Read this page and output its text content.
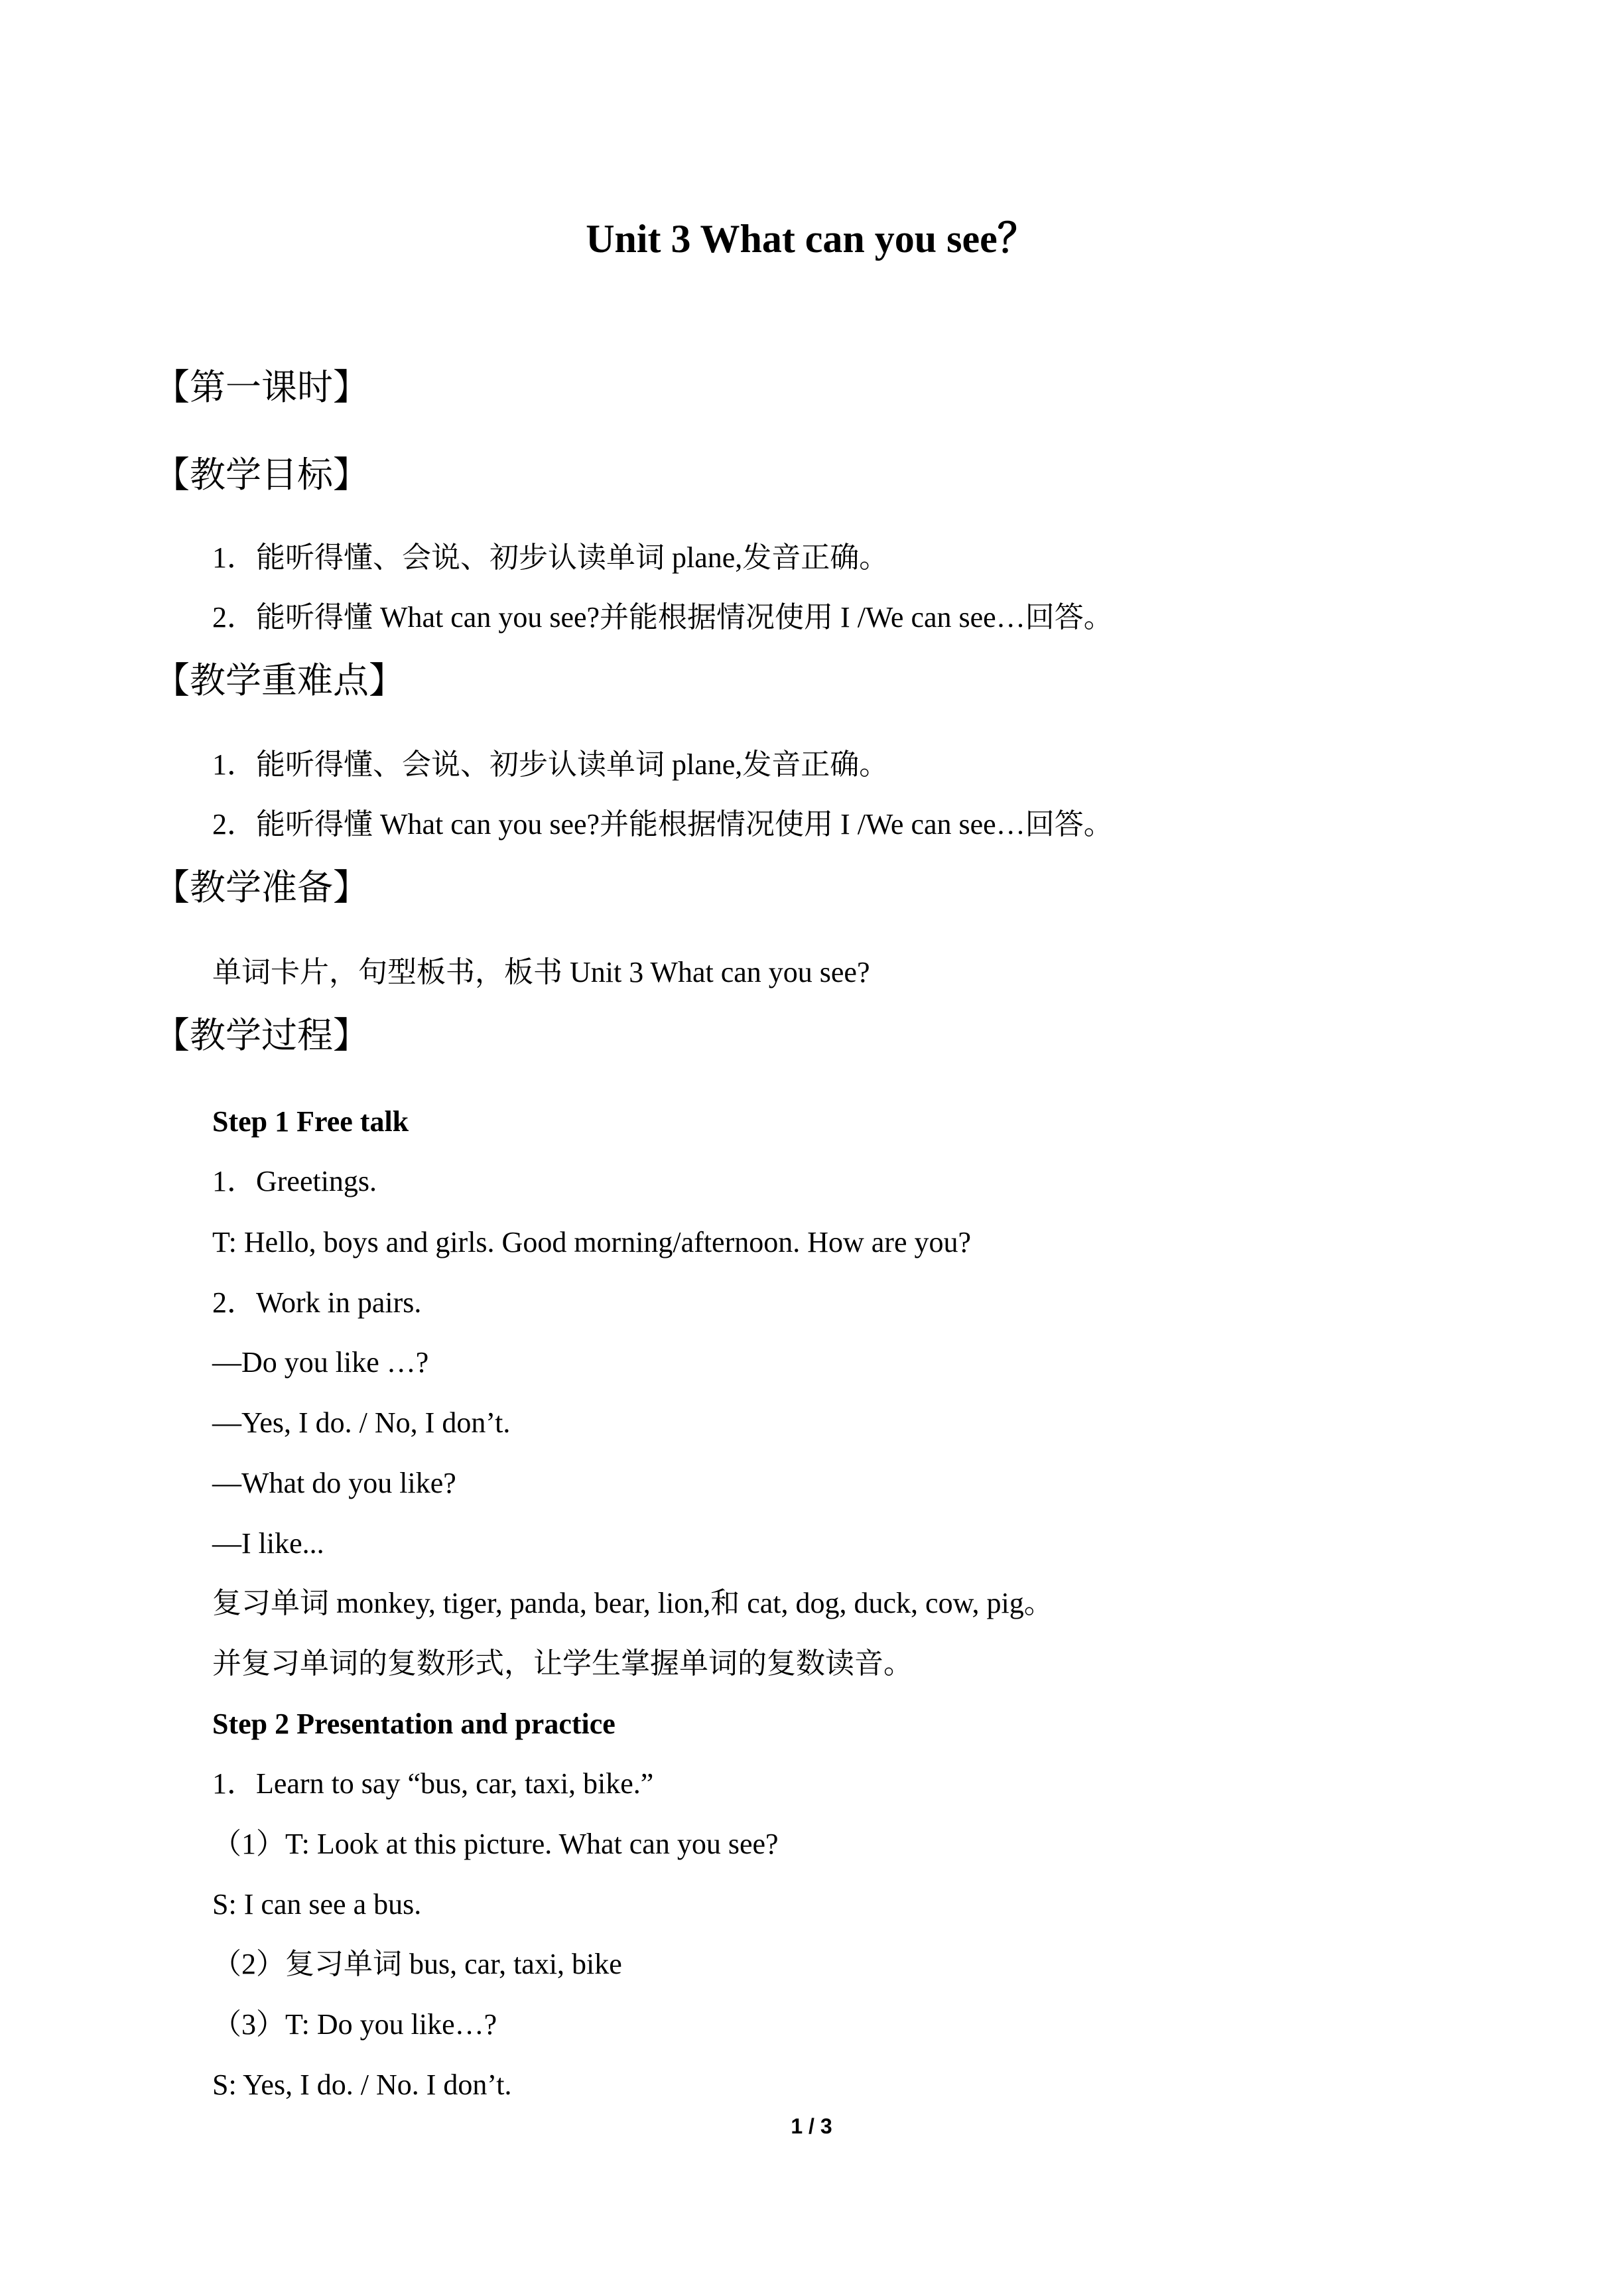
Unit 3 What can you see？
【第一课时】
【教学目标】
1．能听得懂、会说、初步认读单词 plane,发音正确。
2．能听得懂 What can you see?并能根据情况使用 I /We can see…回答。
【教学重难点】
1．能听得懂、会说、初步认读单词 plane,发音正确。
2．能听得懂 What can you see?并能根据情况使用 I /We can see…回答。
【教学准备】
单词卡片，句型板书，板书 Unit 3 What can you see?
【教学过程】
Step 1 Free talk
1．Greetings.
T: Hello, boys and girls. Good morning/afternoon. How are you?
2．Work in pairs.
—Do you like …?
—Yes, I do. / No, I don’t.
—What do you like?
—I like...
复习单词 monkey, tiger, panda, bear, lion,和 cat, dog, duck, cow, pig。
并复习单词的复数形式，让学生掌握单词的复数读音。
Step 2 Presentation and practice
1．Learn to say “bus, car, taxi, bike.”
（1）T: Look at this picture. What can you see?
S: I can see a bus.
（2）复习单词 bus, car, taxi, bike
（3）T: Do you like…?
S: Yes, I do. / No. I don’t.
1 / 3
